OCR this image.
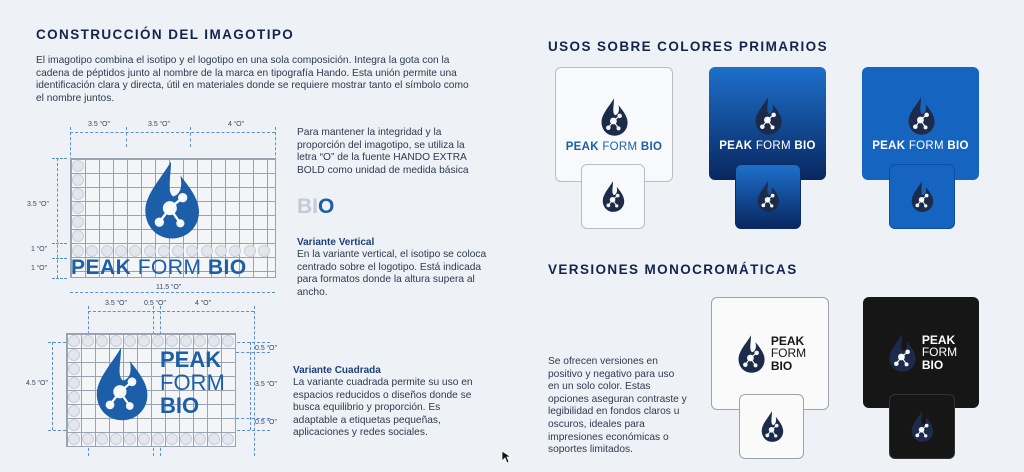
CONSTRUCCIÓN DEL IMAGOTIPO
El imagotipo combina el isotipo y el logotipo en una sola composición. Integra la gota con la cadena de péptidos junto al nombre de la marca en tipografía Hando. Esta unión permite una identificación clara y directa, útil en materiales donde se requiere mostrar tanto el símbolo como el nombre juntos.
3.5 “O”	3.5 “O”	4 “O”
3.5 “O”
1 “O”
1 “O” PEAK FORM BIO
11.5 “O”
Para mantener la integridad y la proporción del imagotipo, se utiliza la letra “O” de la fuente HANDO EXTRA BOLD como unidad de medida básica
BIO
Variante Vertical
En la variante vertical, el isotipo se coloca centrado sobre el logotipo. Está indicada para formatos donde la altura supera al ancho.
3.5 “O” 0.5 “O”	4 “O”
4.5 “O”
0.5 “O”
3.5 “O”
0.5 “O”
PEAK
FORM
BIO
Variante Cuadrada
La variante cuadrada permite su uso en espacios reducidos o diseños donde se busca equilibrio y proporción. Es adaptable a etiquetas pequeñas, aplicaciones y redes sociales.
USOS SOBRE COLORES PRIMARIOS
PEAK FORM BIO	PEAK FORM BIO	PEAK FORM BIO
VERSIONES MONOCROMÁTICAS
Se ofrecen versiones en positivo y negativo para uso en un solo color. Estas opciones aseguran contraste y legibilidad en fondos claros u oscuros, ideales para impresiones económicas o soportes limitados.
PEAK
FORM
BIO
PEAK
FORM
BIO
